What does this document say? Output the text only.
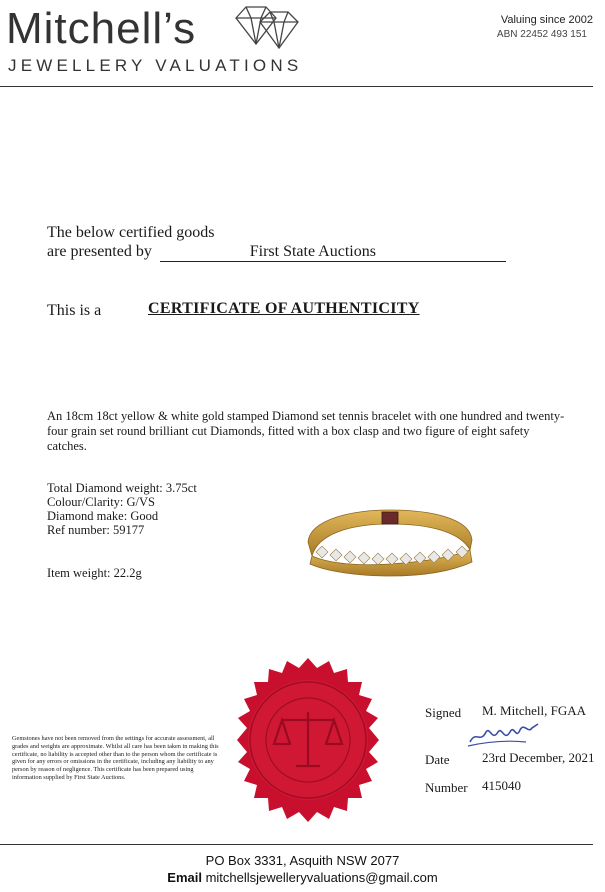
Mitchell’s
JEWELLERY VALUATIONS
Valuing since 2002
ABN 22452 493 151
The below certified goods
are presented by	First State Auctions
This is a	CERTIFICATE OF AUTHENTICITY
An 18cm 18ct yellow & white gold stamped Diamond set tennis bracelet with one hundred and twenty-four grain set round brilliant cut Diamonds, fitted with a box clasp and two figure of eight safety catches.
Total Diamond weight: 3.75ct
Colour/Clarity: G/VS
Diamond make: Good
Ref number: 59177
Item weight: 22.2g
Gemstones have not been removed from the settings for accurate assessment, all grades and weights are approximate. Whilst all care has been taken in making this certificate, no liability is accepted other than to the person whom the certificate is given for any errors or omissions in the certificate, including any liability to any person by reason of negligence. This certificate has been prepared using information supplied by First State Auctions.
Signed M. Mitchell, FGAA
Date 23rd December, 2021
Number 415040
PO Box 3331, Asquith NSW 2077
Email mitchellsjewelleryvaluations@gmail.com
